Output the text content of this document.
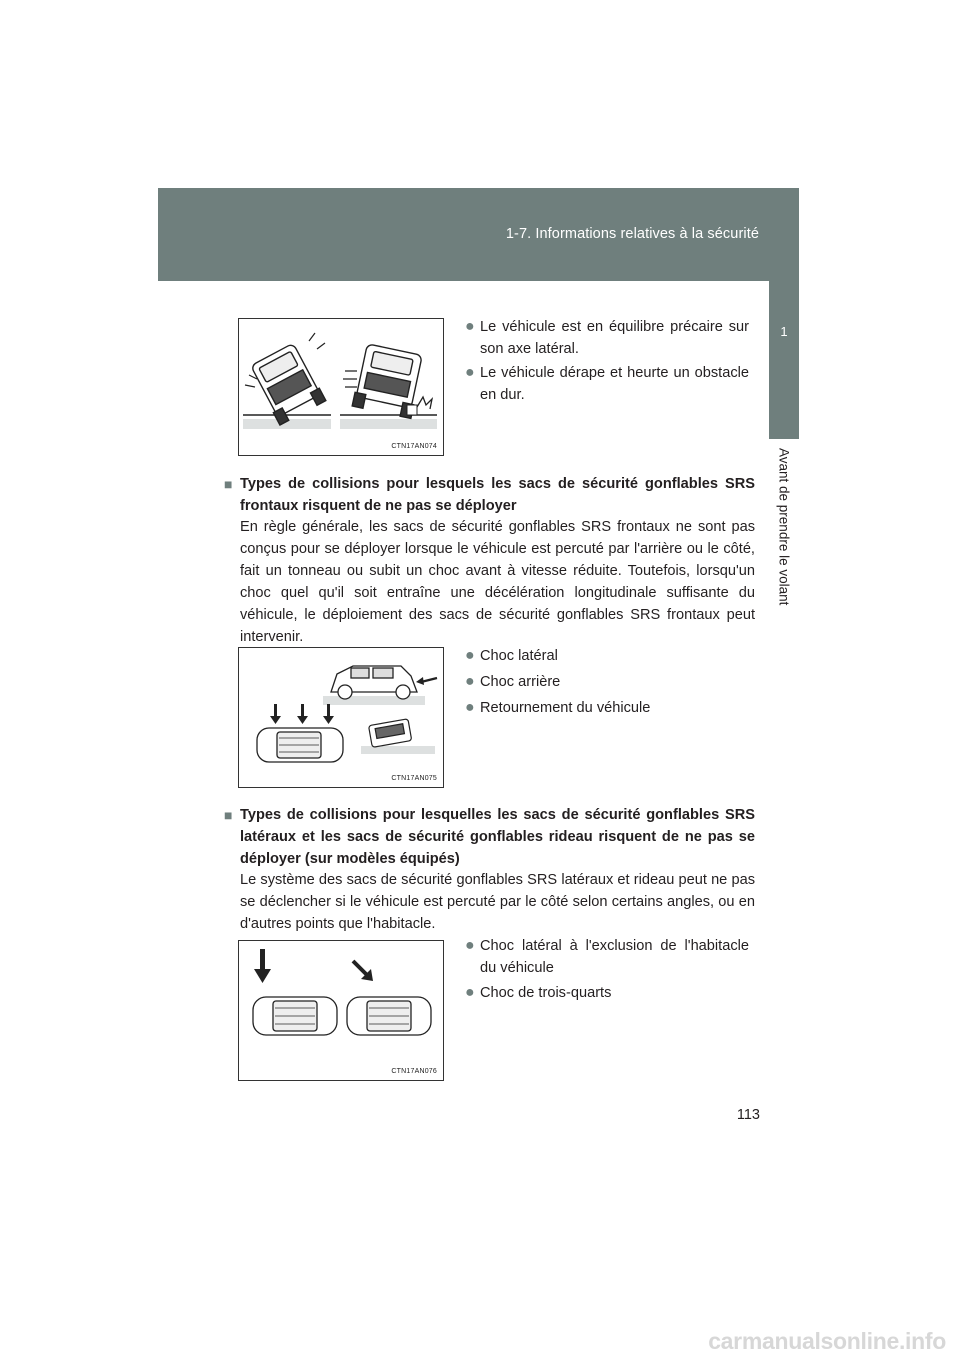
1-7. Informations relatives à la sécurité
1
Avant de prendre le volant
CTN17AN074
● Le véhicule est en équilibre précaire sur son axe latéral.
● Le véhicule dérape et heurte un obstacle en dur.
■ Types de collisions pour lesquels les sacs de sécurité gonflables SRS frontaux risquent de ne pas se déployer
En règle générale, les sacs de sécurité gonflables SRS frontaux ne sont pas conçus pour se déployer lorsque le véhicule est percuté par l'arrière ou le côté, fait un tonneau ou subit un choc avant à vitesse réduite. Toutefois, lorsqu'un choc quel qu'il soit entraîne une décélération longitudinale suffisante du véhicule, le déploiement des sacs de sécurité gonflables SRS frontaux peut intervenir.
CTN17AN075
● Choc latéral
● Choc arrière
● Retournement du véhicule
■ Types de collisions pour lesquelles les sacs de sécurité gonflables SRS latéraux et les sacs de sécurité gonflables rideau risquent de ne pas se déployer (sur modèles équipés)
Le système des sacs de sécurité gonflables SRS latéraux et rideau peut ne pas se déclencher si le véhicule est percuté par le côté selon certains angles, ou en d'autres points que l'habitacle.
CTN17AN076
● Choc latéral à l'exclusion de l'habitacle du véhicule
● Choc de trois-quarts
113
carmanualsonline.info
